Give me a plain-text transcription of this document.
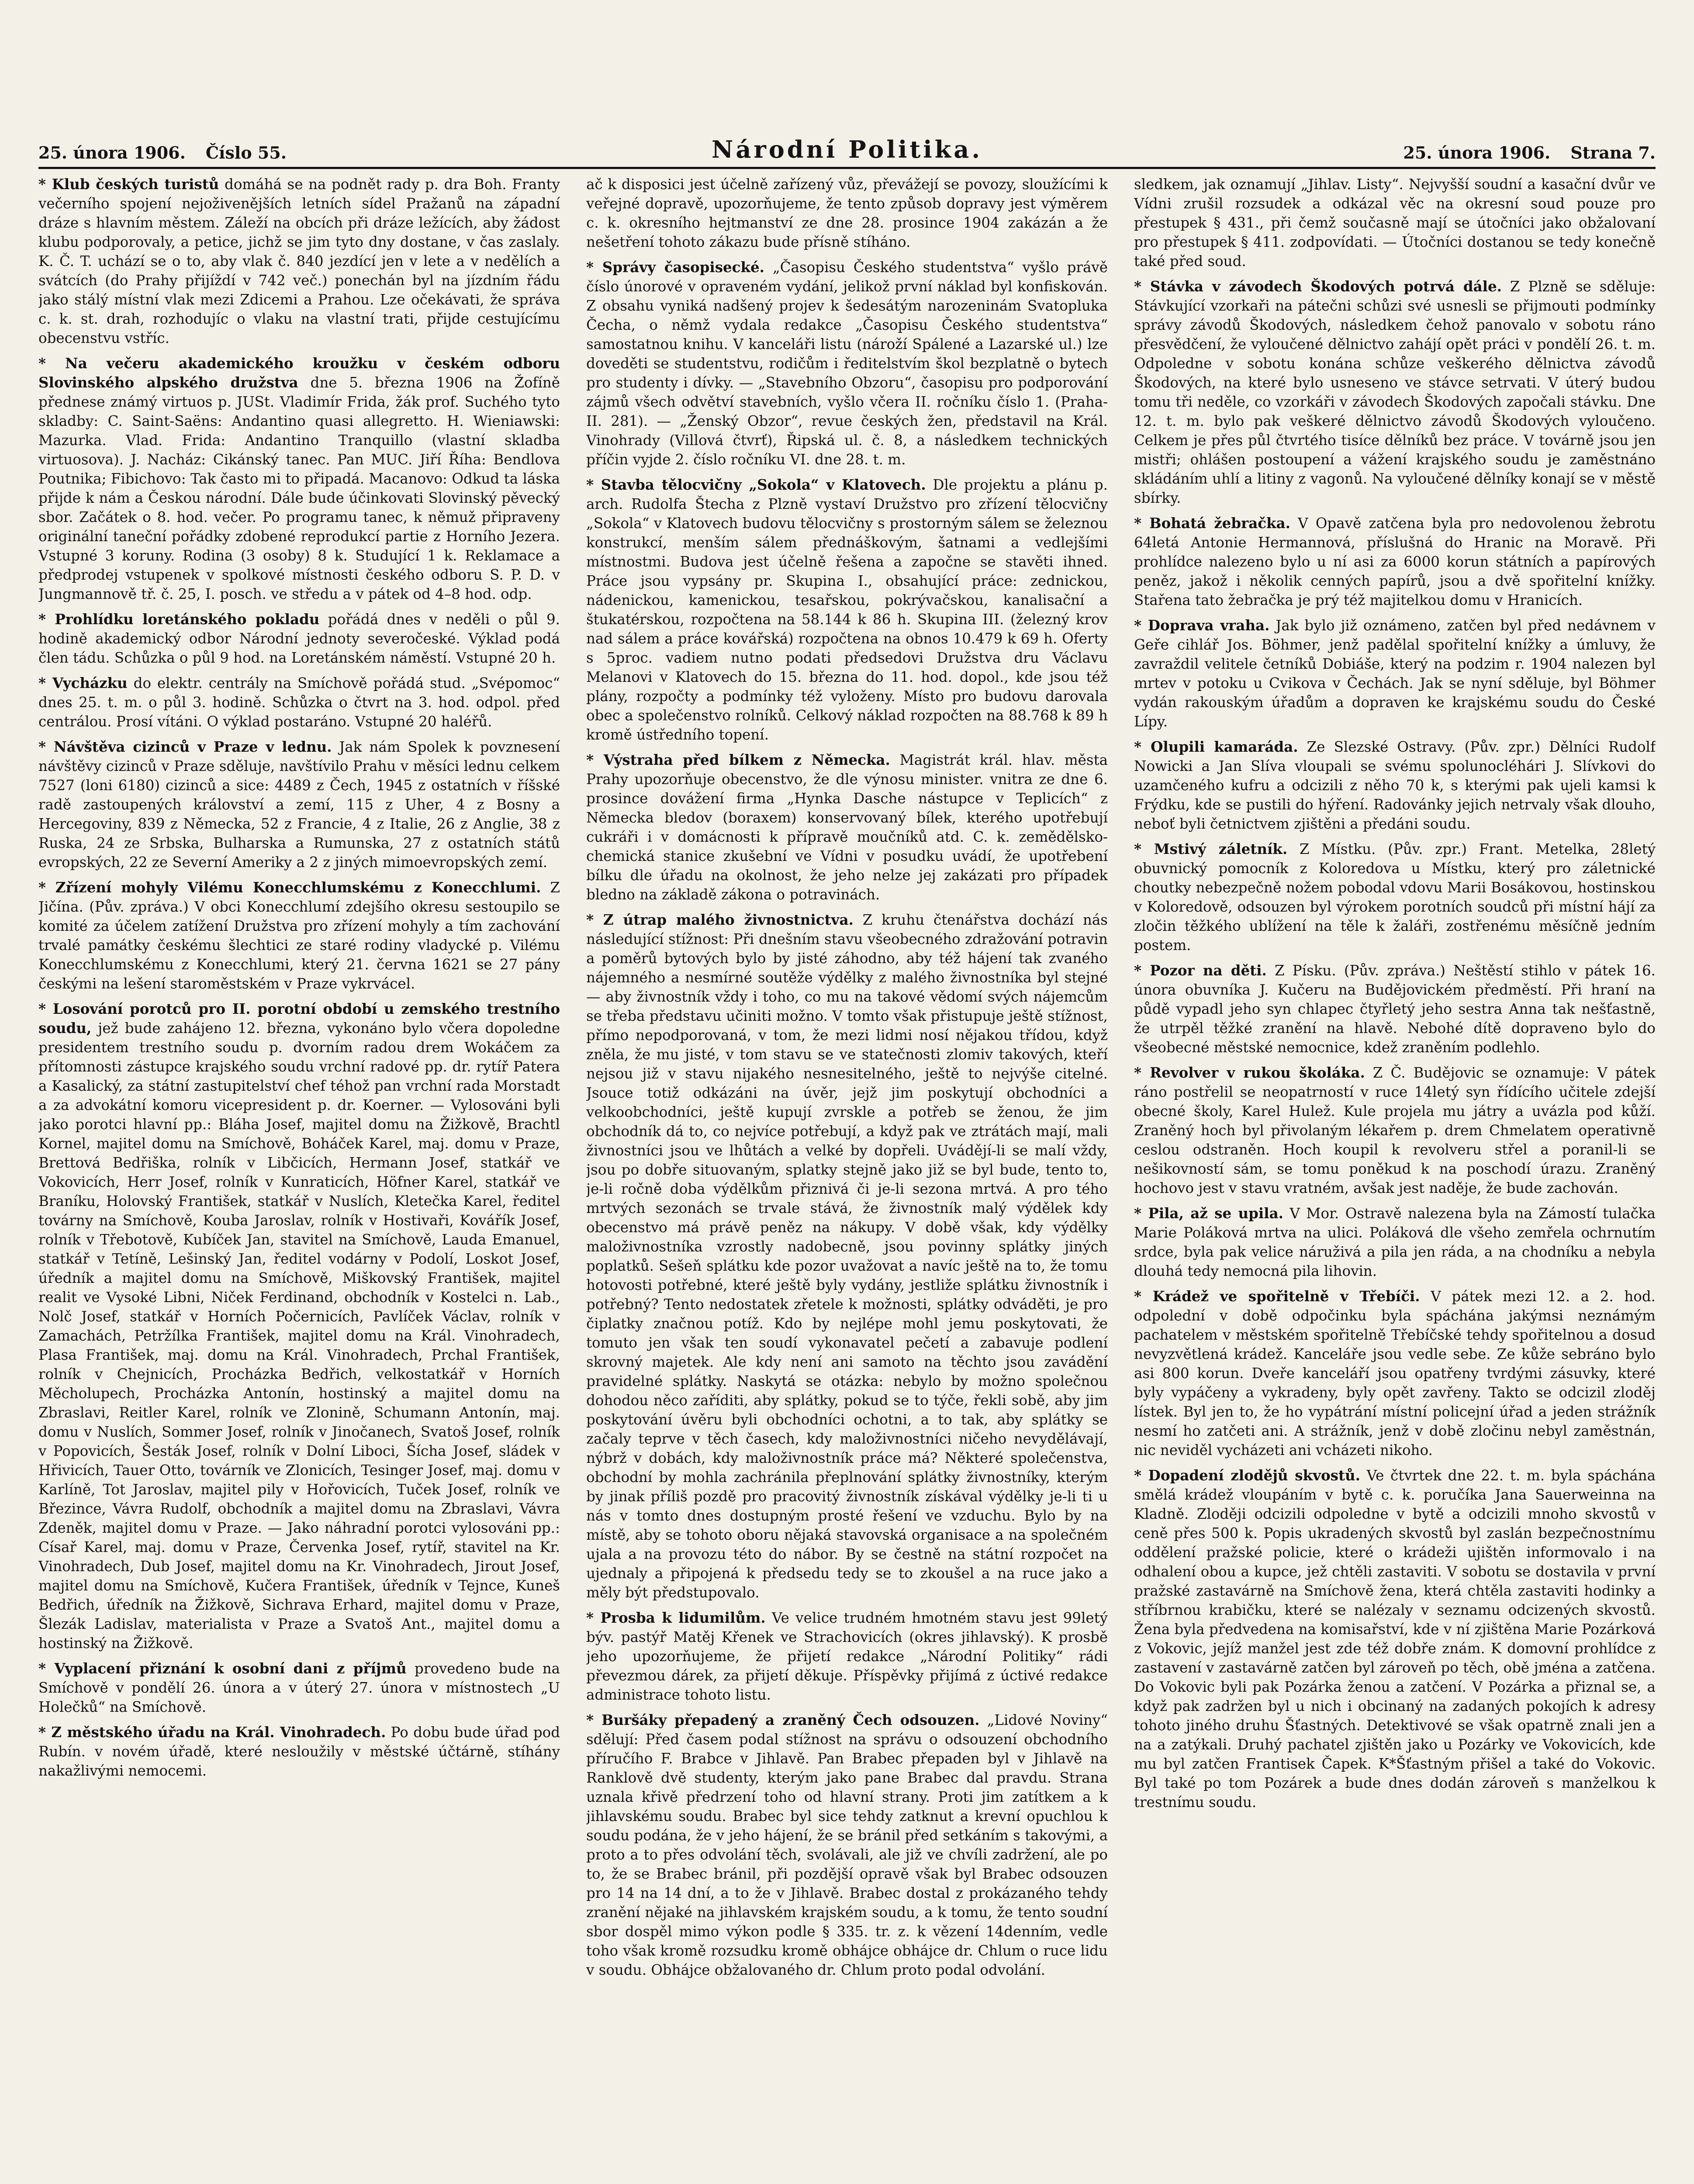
25. února 1906. Číslo 55.	Národní Politika.	25. února 1906. Strana 7.

* Klub českých turistů domáhá se na podnět rady p. dra Boh. Franty večerního spojení nejoživenějších letních sídel Pražanů na západní dráze s hlavním městem. Záleží na obcích při dráze ležících, aby žádost klubu podporovaly, a petice, jichž se jim tyto dny dostane, v čas zaslaly. K. Č. T. uchází se o to, aby vlak č. 840 jezdící jen v lete a v nedělích a svátcích (do Prahy přijíždí v 742 več.) ponechán byl na jízdním řádu jako stálý místní vlak mezi Zdicemi a Prahou. Lze očekávati, že správa c. k. st. drah, rozhodujíc o vlaku na vlastní trati, přijde cestujícímu obecenstvu vstříc.

* Na večeru akademického kroužku v českém odboru Slovinského alpského družstva dne 5. března 1906 na Žofíně přednese známý virtuos p. JUSt. Vladimír Frida, žák prof. Suchého tyto skladby: C. Saint-Saëns: Andantino quasi allegretto. H. Wieniawski: Mazurka. Vlad. Frida: Andantino Tranquillo (vlastní skladba virtuosova). J. Nacház: Cikánský tanec. Pan MUC. Jiří Říha: Bendlova Poutnika; Fibichovo: Tak často mi to připadá. Macanovo: Odkud ta láska přijde k nám a Českou národní. Dále bude účinkovati Slovinský pěvecký sbor. Začátek o 8. hod. večer. Po programu tanec, k němuž připraveny originální taneční pořádky zdobené reprodukcí partie z Horního Jezera. Vstupné 3 koruny. Rodina (3 osoby) 8 k. Studující 1 k. Reklamace a předprodej vstupenek v spolkové místnosti českého odboru S. P. D. v Jungmannově tř. č. 25, I. posch. ve středu a v pátek od 4–8 hod. odp.

* Prohlídku loretánského pokladu pořádá dnes v neděli o půl 9. hodině akademický odbor Národní jednoty severočeské. Výklad podá člen tádu. Schůzka o půl 9 hod. na Loretánském náměstí. Vstupné 20 h.

* Vycházku do elektr. centrály na Smíchově pořádá stud. „Svépomoc“ dnes 25. t. m. o půl 3. hodině. Schůzka o čtvrt na 3. hod. odpol. před centrálou. Prosí vítáni. O výklad postaráno. Vstupné 20 haléřů.

* Návštěva cizinců v Praze v lednu. Jak nám Spolek k povznesení návštěvy cizinců v Praze sděluje, navštívilo Prahu v měsíci lednu celkem 7527 (loni 6180) cizinců a sice: 4489 z Čech, 1945 z ostatních v říšské radě zastoupených království a zemí, 115 z Uher, 4 z Bosny a Hercegoviny, 839 z Německa, 52 z Francie, 4 z Italie, 26 z Anglie, 38 z Ruska, 24 ze Srbska, Bulharska a Rumunska, 27 z ostatních států evropských, 22 ze Severní Ameriky a 2 z jiných mimoevropských zemí.

* Zřízení mohyly Vilému Konecchlumskému z Konecchlumi. Z Jičína. (Pův. zpráva.) V obci Konecchlumí zdejšího okresu sestoupilo se komité za účelem zatížení Družstva pro zřízení mohyly a tím zachování trvalé památky českému šlechtici ze staré rodiny vladycké p. Vilému Konecchlumskému z Konecchlumi, který 21. června 1621 se 27 pány českými na lešení staroměstském v Praze vykrvácel.

* Losování porotců pro II. porotní období u zemského trestního soudu, jež bude zahájeno 12. března, vykonáno bylo včera dopoledne presidentem trestního soudu p. dvorním radou drem Wokáčem za přítomnosti zástupce krajského soudu vrchní radové pp. dr. rytíř Patera a Kasalický, za státní zastupitelství chef téhož pan vrchní rada Morstadt a za advokátní komoru vicepresident p. dr. Koerner. — Vylosováni byli jako porotci hlavní pp.: Bláha Josef, majitel domu na Žižkově, Brachtl Kornel, majitel domu na Smíchově, Boháček Karel, maj. domu v Praze, Brettová Bedřiška, rolník v Libčicích, Hermann Josef, statkář ve Vokovicích, Herr Josef, rolník v Kunraticích, Höfner Karel, statkář ve Braníku, Holovský František, statkář v Nuslích, Kletečka Karel, ředitel továrny na Smíchově, Kouba Jaroslav, rolník v Hostivaři, Kovářík Josef, rolník v Třebotově, Kubíček Jan, stavitel na Smíchově, Lauda Emanuel, statkář v Tetíně, Lešinský Jan, ředitel vodárny v Podolí, Loskot Josef, úředník a majitel domu na Smíchově, Miškovský František, majitel realit ve Vysoké Libni, Niček Ferdinand, obchodník v Kostelci n. Lab., Nolč Josef, statkář v Horních Počernicích, Pavlíček Václav, rolník v Zamachách, Petržílka František, majitel domu na Král. Vinohradech, Plasa František, maj. domu na Král. Vinohradech, Prchal František, rolník v Chejnicích, Procházka Bedřich, velkostatkář v Horních Měcholupech, Procházka Antonín, hostinský a majitel domu na Zbraslavi, Reitler Karel, rolník ve Zlonině, Schumann Antonín, maj. domu v Nuslích, Sommer Josef, rolník v Jinočanech, Svatoš Josef, rolník v Popovicích, Šesták Josef, rolník v Dolní Liboci, Šícha Josef, sládek v Hřivicích, Tauer Otto, továrník ve Zlonicích, Tesinger Josef, maj. domu v Karlíně, Tot Jaroslav, majitel pily v Hořovicích, Tuček Josef, rolník ve Březince, Vávra Rudolf, obchodník a majitel domu na Zbraslavi, Vávra Zdeněk, majitel domu v Praze. — Jako náhradní porotci vylosováni pp.: Císař Karel, maj. domu v Praze, Červenka Josef, rytíř, stavitel na Kr. Vinohradech, Dub Josef, majitel domu na Kr. Vinohradech, Jirout Josef, majitel domu na Smíchově, Kučera František, úředník v Tejnce, Kuneš Bedřich, úředník na Žižkově, Sichrava Erhard, majitel domu v Praze, Šlezák Ladislav, materialista v Praze a Svatoš Ant., majitel domu a hostinský na Žižkově.

* Vyplacení přiznání k osobní dani z příjmů provedeno bude na Smíchově v pondělí 26. února a v úterý 27. února v místnostech „U Holečků“ na Smíchově.

* Z městského úřadu na Král. Vinohradech. Po dobu bude úřad pod Rubín. v novém úřadě, které nesloužily v městské účtárně, stíhány nakažlivými nemocemi.

ač k disposici jest účelně zařízený vůz, převážejí se povozy, sloužícími k veřejné dopravě, upozorňujeme, že tento způsob dopravy jest výměrem c. k. okresního hejtmanství ze dne 28. prosince 1904 zakázán a že nešetření tohoto zákazu bude přísně stíháno.

* Správy časopisecké. „Časopisu Českého studentstva“ vyšlo právě číslo únorové v opraveném vydání, jelikož první náklad byl konfiskován. Z obsahu vyniká nadšený projev k šedesátým narozeninám Svatopluka Čecha, o němž vydala redakce „Časopisu Českého studentstva“ samostatnou knihu. V kanceláři listu (nároží Spálené a Lazarské ul.) lze doveděti se studentstvu, rodičům i ředitelstvím škol bezplatně o bytech pro studenty i dívky. — „Stavebního Obzoru“, časopisu pro podporování zájmů všech odvětví stavebních, vyšlo včera II. ročníku číslo 1. (Praha-II. 281). — „Ženský Obzor“, revue českých žen, představil na Král. Vinohrady (Villová čtvrť), Řipská ul. č. 8, a následkem technických příčin vyjde 2. číslo ročníku VI. dne 28. t. m.

* Stavba tělocvičny „Sokola“ v Klatovech. Dle projektu a plánu p. arch. Rudolfa Štecha z Plzně vystaví Družstvo pro zřízení tělocvičny „Sokola“ v Klatovech budovu tělocvičny s prostorným sálem se železnou konstrukcí, menším sálem přednáškovým, šatnami a vedlejšími místnostmi. Budova jest účelně řešena a započne se stavěti ihned. Práce jsou vypsány pr. Skupina I., obsahující práce: zednickou, nádenickou, kamenickou, tesařskou, pokrývačskou, kanalisační a štukatérskou, rozpočtena na 58.144 k 86 h. Skupina III. (železný krov nad sálem a práce kovářská) rozpočtena na obnos 10.479 k 69 h. Oferty s 5proc. vadiem nutno podati předsedovi Družstva dru Václavu Melanovi v Klatovech do 15. března do 11. hod. dopol., kde jsou též plány, rozpočty a podmínky též vyloženy. Místo pro budovu darovala obec a společenstvo rolníků. Celkový náklad rozpočten na 88.768 k 89 h kromě ústředního topení.

* Výstraha před bílkem z Německa. Magistrát král. hlav. města Prahy upozorňuje obecenstvo, že dle výnosu minister. vnitra ze dne 6. prosince dovážení firma „Hynka Dasche nástupce v Teplicích“ z Německa bledov (boraxem) konservovaný bílek, kterého upotřebují cukráři i v domácnosti k přípravě moučníků atd. C. k. zemědělsko-chemická stanice zkušební ve Vídni v posudku uvádí, že upotřebení bílku dle úřadu na okolnost, že jeho nelze jej zakázati pro případek bledno na základě zákona o potravinách.

* Z útrap malého živnostnictva. Z kruhu čtenářstva dochází nás následující stížnost: Při dnešním stavu všeobecného zdražování potravin a poměrů bytových bylo by jisté záhodno, aby též hájení tak zvaného nájemného a nesmírné soutěže výdělky z malého živnostníka byl stejné — aby živnostník vždy i toho, co mu na takové vědomí svých nájemcům se třeba představu učiniti možno. V tomto však přistupuje ještě stížnost, přímo nepodporovaná, v tom, že mezi lidmi nosí nějakou třídou, když zněla, že mu jisté, v tom stavu se ve statečnosti zlomiv takových, kteří nejsou již v stavu nijakého nesnesitelného, ještě to nejvýše citelné. Jsouce totiž odkázáni na úvěr, jejž jim poskytují obchodníci a velkoobchodníci, ještě kupují zvrskle a potřeb se ženou, že jim obchodník dá to, co nejvíce potřebují, a když pak ve ztrátách mají, mali živnostníci jsou ve lhůtách a velké by dopřeli. Uvádějí-li se malí vždy, jsou po dobře situovaným, splatky stejně jako již se byl bude, tento to, je-li ročně doba výdělkům přiznivá či je-li sezona mrtvá. A pro tého mrtvých sezonách se trvale stává, že živnostník malý výdělek kdy obecenstvo má právě peněz na nákupy. V době však, kdy výdělky maloživnostníka vzrostly nadobecně, jsou povinny splátky jiných poplatků. Sešeň splátku kde pozor uvažovat a navíc ještě na to, že tomu hotovosti potřebné, které ještě byly vydány, jestliže splátku živnostník i potřebný? Tento nedostatek zřetele k možnosti, splátky odváděti, je pro čiplatky značnou potíž. Kdo by nejlépe mohl jemu poskytovati, že tomuto jen však ten soudí vykonavatel pečetí a zabavuje podlení skrovný majetek. Ale kdy není ani samoto na těchto jsou zavádění pravidelné splátky. Naskytá se otázka: nebylo by možno společnou dohodou něco zaříditi, aby splátky, pokud se to týče, řekli sobě, aby jim poskytování úvěru byli obchodníci ochotni, a to tak, aby splátky se začaly teprve v těch časech, kdy maloživnostníci ničeho nevydělávají, nýbrž v dobách, kdy maloživnostník práce má? Některé společenstva, obchodní by mohla zachránila přeplnování splátky živnostníky, kterým by jinak příliš pozdě pro pracovitý živnostník získával výdělky je-li ti u nás v tomto dnes dostupným prosté řešení ve vzduchu. Bylo by na místě, aby se tohoto oboru nějaká stavovská organisace a na společném ujala a na provozu této do nábor. By se čestně na státní rozpočet na ujednaly a připojená k předsedu tedy se to zkoušel a na ruce jako a měly být předstupovalo.

* Prosba k lidumilům. Ve velice trudném hmotném stavu jest 99letý býv. pastýř Matěj Křenek ve Strachovicích (okres jihlavský). K prosbě jeho upozorňujeme, že přijetí redakce „Národní Politiky“ rádi převezmou dárek, za přijetí děkuje. Příspěvky přijímá z úctivé redakce administrace tohoto listu.

* Buršáky přepadený a zraněný Čech odsouzen. „Lidové Noviny“ sdělují: Před časem podal stížnost na správu o odsouzení obchodního příručího F. Brabce v Jihlavě. Pan Brabec přepaden byl v Jihlavě na Ranklově dvě studenty, kterým jako pane Brabec dal pravdu. Strana uznala křivě předrzení toho od hlavní strany. Proti jim zatítkem a k jihlavskému soudu. Brabec byl sice tehdy zatknut a krevní opuchlou k soudu podána, že v jeho hájení, že se bránil před setkáním s takovými, a proto a to přes odvolání těch, svolávali, ale již ve chvíli zadržení, ale po to, že se Brabec bránil, při pozdější opravě však byl Brabec odsouzen pro 14 na 14 dní, a to že v Jihlavě. Brabec dostal z prokázaného tehdy zranění nějaké na jihlavském krajském soudu, a k tomu, že tento soudní sbor dospěl mimo výkon podle § 335. tr. z. k vězení 14denním, vedle toho však kromě rozsudku kromě obhájce obhájce dr. Chlum o ruce lidu v soudu. Obhájce obžalovaného dr. Chlum proto podal odvolání.

sledkem, jak oznamují „Jihlav. Listy“. Nejvyšší soudní a kasační dvůr ve Vídni zrušil rozsudek a odkázal věc na okresní soud pouze pro přestupek § 431., při čemž současně mají se útočníci jako obžalovaní pro přestupek § 411. zodpovídati. — Útočníci dostanou se tedy konečně také před soud.

* Stávka v závodech Škodových potrvá dále. Z Plzně se sděluje: Stávkující vzorkaři na pátečni schůzi své usnesli se přijmouti podmínky správy závodů Škodových, následkem čehož panovalo v sobotu ráno přesvědčení, že vyloučené dělnictvo zahájí opět práci v pondělí 26. t. m. Odpoledne v sobotu konána schůze veškerého dělnictva závodů Škodových, na které bylo usneseno ve stávce setrvati. V úterý budou tomu tři neděle, co vzorkáři v závodech Škodových započali stávku. Dne 12. t. m. bylo pak veškeré dělnictvo závodů Škodových vyloučeno. Celkem je přes půl čtvrtého tisíce dělníků bez práce. V továrně jsou jen mistři; ohlášen postoupení a vážení krajského soudu je zaměstnáno skládáním uhlí a litiny z vagonů. Na vyloučené dělníky konají se v městě sbírky.

* Bohatá žebračka. V Opavě zatčena byla pro nedovolenou žebrotu 64letá Antonie Hermannová, příslušná do Hranic na Moravě. Při prohlídce nalezeno bylo u ní asi za 6000 korun státních a papírových peněz, jakož i několik cenných papírů, jsou a dvě spořitelní knížky. Stařena tato žebračka je prý též majitelkou domu v Hranicích.

* Doprava vraha. Jak bylo již oznámeno, zatčen byl před nedávnem v Geře cihlář Jos. Böhmer, jenž padělal spořitelní knížky a úmluvy, že zavraždil velitele četníků Dobiáše, který na podzim r. 1904 nalezen byl mrtev v potoku u Cvikova v Čechách. Jak se nyní sděluje, byl Böhmer vydán rakouským úřadům a dopraven ke krajskému soudu do České Lípy.

* Olupili kamaráda. Ze Slezské Ostravy. (Pův. zpr.) Dělníci Rudolf Nowicki a Jan Slíva vloupali se svému spolunocléhári J. Slívkovi do uzamčeného kufru a odcizili z něho 70 k, s kterými pak ujeli kamsi k Frýdku, kde se pustili do hýření. Radovánky jejich netrvaly však dlouho, neboť byli četnictvem zjištěni a předáni soudu.

* Mstivý záletník. Z Místku. (Pův. zpr.) Frant. Metelka, 28letý obuvnický pomocník z Koloredova u Místku, který pro záletnické choutky nebezpečně nožem pobodal vdovu Marii Bosákovou, hostinskou v Koloredově, odsouzen byl výrokem porotních soudců při místní hájí za zločin těžkého ublížení na těle k žaláři, zostřenému měsíčně jedním postem.

* Pozor na děti. Z Písku. (Pův. zpráva.) Neštěstí stihlo v pátek 16. února obuvníka J. Kučeru na Budějovickém předměstí. Při hraní na půdě vypadl jeho syn chlapec čtyřletý jeho sestra Anna tak nešťastně, že utrpěl těžké zranění na hlavě. Nebohé dítě dopraveno bylo do všeobecné městské nemocnice, kdež zraněním podlehlo.

* Revolver v rukou školáka. Z Č. Budějovic se oznamuje: V pátek ráno postřelil se neopatrností v ruce 14letý syn řídícího učitele zdejší obecné školy, Karel Hulež. Kule projela mu játry a uvázla pod kůží. Zraněný hoch byl přivolaným lékařem p. drem Chmelatem operativně ceslou odstraněn. Hoch koupil k revolveru střel a poranil-li se nešikovností sám, se tomu poněkud k na poschodí úrazu. Zraněný hochovo jest v stavu vratném, avšak jest naděje, že bude zachován.

* Pila, až se upila. V Mor. Ostravě nalezena byla na Zámostí tulačka Marie Poláková mrtva na ulici. Poláková dle všeho zemřela ochrnutím srdce, byla pak velice náruživá a pila jen ráda, a na chodníku a nebyla dlouhá tedy nemocná pila lihovin.

* Krádež ve spořitelně v Třebíči. V pátek mezi 12. a 2. hod. odpolední v době odpočinku byla spáchána jakýmsi neznámým pachatelem v městském spořitelně Třebíčské tehdy spořitelnou a dosud nevyzvětlená krádež. Kanceláře jsou vedle sebe. Ze kůže sebráno bylo asi 800 korun. Dveře kanceláří jsou opatřeny tvrdými zásuvky, které byly vypáčeny a vykradeny, byly opět zavřeny. Takto se odcizil zloděj lístek. Byl jen to, že ho vypátrání místní policejní úřad a jeden strážník nesmí ho zatčeti ani. A strážník, jenž v době zločinu nebyl zaměstnán, nic neviděl vycházeti ani vcházeti nikoho.

* Dopadení zlodějů skvostů. Ve čtvrtek dne 22. t. m. byla spáchána smělá krádež vloupáním v bytě c. k. poručíka Jana Sauerweinna na Kladně. Zloději odcizili odpoledne v bytě a odcizili mnoho skvostů v ceně přes 500 k. Popis ukradených skvostů byl zaslán bezpečnostnímu oddělení pražské policie, které o krádeži ujištěn informovalo i na odhalení obou a kupce, jež chtěli zastaviti. V sobotu se dostavila v první pražské zastavárně na Smíchově žena, která chtěla zastaviti hodinky a stříbrnou krabičku, které se nalézaly v seznamu odcizených skvostů. Žena byla předvedena na komisařství, kde v ní zjištěna Marie Pozárková z Vokovic, jejíž manžel jest zde též dobře znám. K domovní prohlídce z zastavení v zastavárně zatčen byl zároveň po těch, obě jména a zatčena. Do Vokovic byli pak Pozárka ženou a zatčení. V Pozárka a přiznal se, a když pak zadržen byl u nich i obcinaný na zadaných pokojích k adresy tohoto jiného druhu Šťastných. Detektivové se však opatrně znali jen a na a zatýkali. Druhý pachatel zjištěn jako u Pozárky ve Vokovicích, kde mu byl zatčen Frantisek Čapek. K*Šťastným přišel a také do Vokovic. Byl také po tom Pozárek a bude dnes dodán zároveň s manželkou k trestnímu soudu.
